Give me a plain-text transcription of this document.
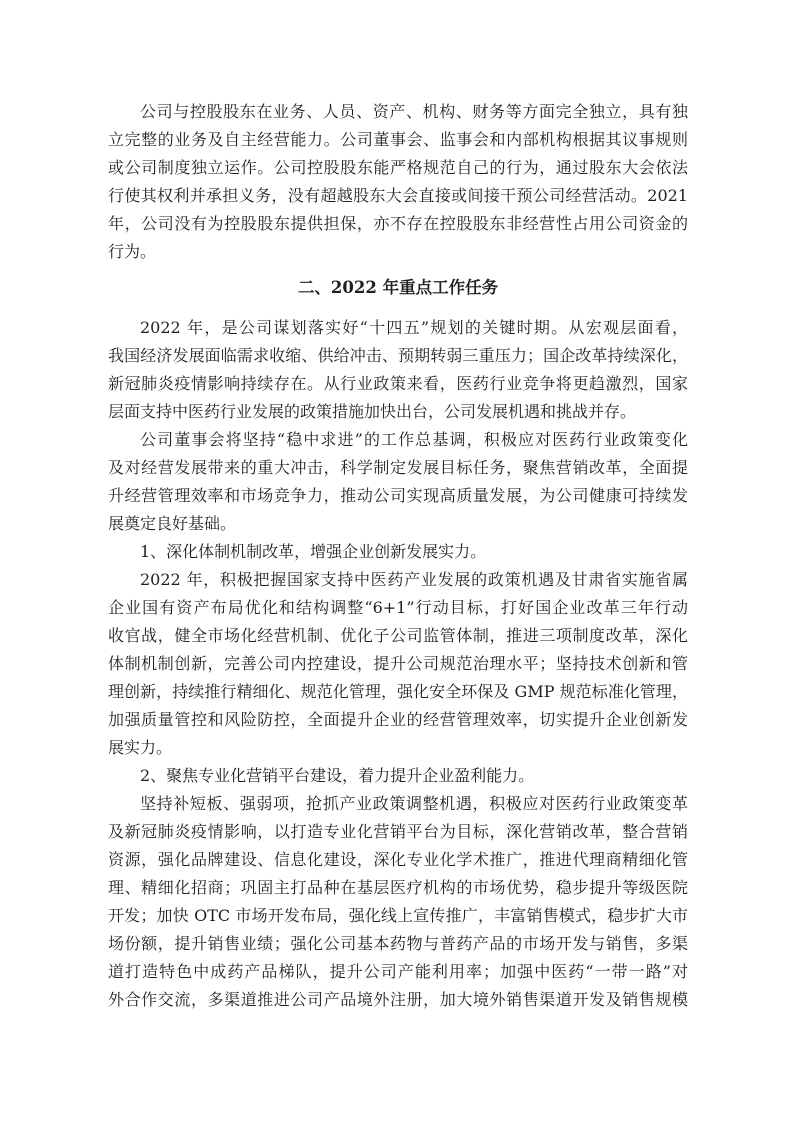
公司与控股股东在业务、人员、资产、机构、财务等方面完全独立，具有独
立完整的业务及自主经营能力。公司董事会、监事会和内部机构根据其议事规则
或公司制度独立运作。公司控股股东能严格规范自己的行为，通过股东大会依法
行使其权利并承担义务，没有超越股东大会直接或间接干预公司经营活动。2021
年，公司没有为控股股东提供担保，亦不存在控股股东非经营性占用公司资金的
行为。
二、2022 年重点工作任务
2022 年，是公司谋划落实好“十四五”规划的关键时期。从宏观层面看，
我国经济发展面临需求收缩、供给冲击、预期转弱三重压力；国企改革持续深化，
新冠肺炎疫情影响持续存在。从行业政策来看，医药行业竞争将更趋激烈，国家
层面支持中医药行业发展的政策措施加快出台，公司发展机遇和挑战并存。
公司董事会将坚持“稳中求进”的工作总基调，积极应对医药行业政策变化
及对经营发展带来的重大冲击，科学制定发展目标任务，聚焦营销改革，全面提
升经营管理效率和市场竞争力，推动公司实现高质量发展，为公司健康可持续发
展奠定良好基础。
1、深化体制机制改革，增强企业创新发展实力。
2022 年，积极把握国家支持中医药产业发展的政策机遇及甘肃省实施省属
企业国有资产布局优化和结构调整“6+1”行动目标，打好国企业改革三年行动
收官战，健全市场化经营机制、优化子公司监管体制，推进三项制度改革，深化
体制机制创新，完善公司内控建设，提升公司规范治理水平；坚持技术创新和管
理创新，持续推行精细化、规范化管理，强化安全环保及 GMP 规范标准化管理，
加强质量管控和风险防控，全面提升企业的经营管理效率，切实提升企业创新发
展实力。
2、聚焦专业化营销平台建设，着力提升企业盈利能力。
坚持补短板、强弱项，抢抓产业政策调整机遇，积极应对医药行业政策变革
及新冠肺炎疫情影响，以打造专业化营销平台为目标，深化营销改革，整合营销
资源，强化品牌建设、信息化建设，深化专业化学术推广，推进代理商精细化管
理、精细化招商；巩固主打品种在基层医疗机构的市场优势，稳步提升等级医院
开发；加快 OTC 市场开发布局，强化线上宣传推广，丰富销售模式，稳步扩大市
场份额，提升销售业绩；强化公司基本药物与普药产品的市场开发与销售，多渠
道打造特色中成药产品梯队，提升公司产能利用率；加强中医药“一带一路”对
外合作交流，多渠道推进公司产品境外注册，加大境外销售渠道开发及销售规模
